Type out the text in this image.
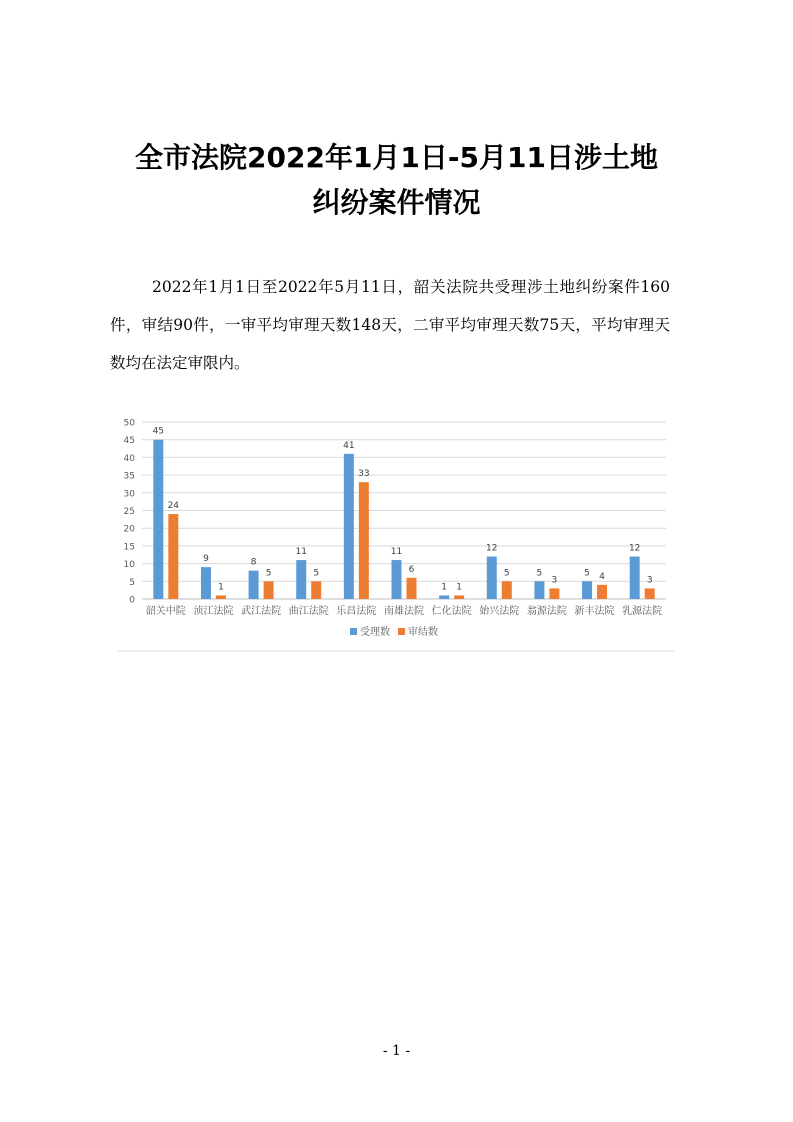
全市法院2022年1月1日-5月11日涉土地
纠纷案件情况

2022年1月1日至2022年5月11日，韶关法院共受理涉土地纠纷案件160件，审结90件，一审平均审理天数148天，二审平均审理天数75天，平均审理天数均在法定审限内。

0
5
10
15
20
25
30
35
40
45
50
45
24
韶关中院
9
1
浈江法院
8
5
武江法院
11
5
曲江法院
41
33
乐昌法院
11
6
南雄法院
1 1
仁化法院
12
5
始兴法院
5
3
翁源法院
5 4
新丰法院
12
3
乳源法院
受理数 审结数
- 1 -
